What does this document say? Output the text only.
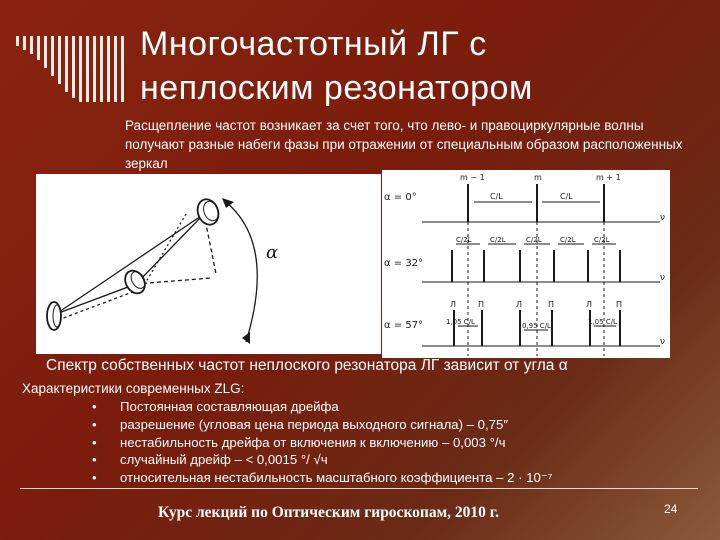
Многочастотный ЛГ с
неплоским резонатором
Расщепление частот возникает за счет того, что лево- и правоциркулярные волны получают разные набеги фазы при отражении от специальным образом расположенных зеркал
α
m − 1	m	m + 1
α = 0°	C/L	C/L
ν
α = 32°
C/2L	C/2L	C/2L	C/2L	C/2L
ν
α = 57°
Л	П	Л	П	Л	П
1,05 C/L	0,95 C/L	1,05 C/L
ν
Спектр собственных частот неплоского резонатора ЛГ зависит от угла α
Характеристики современных ZLG:
• Постоянная составляющая дрейфа
• разрешение (угловая цена периода выходного сигнала) – 0,75″
• нестабильность дрейфа от включения к включению – 0,003 °/ч
• случайный дрейф – < 0,0015 °/ √ч
• относительная нестабильность масштабного коэффициента – 2 · 10⁻⁷
Курс лекций по Оптическим гироскопам, 2010 г.	24
